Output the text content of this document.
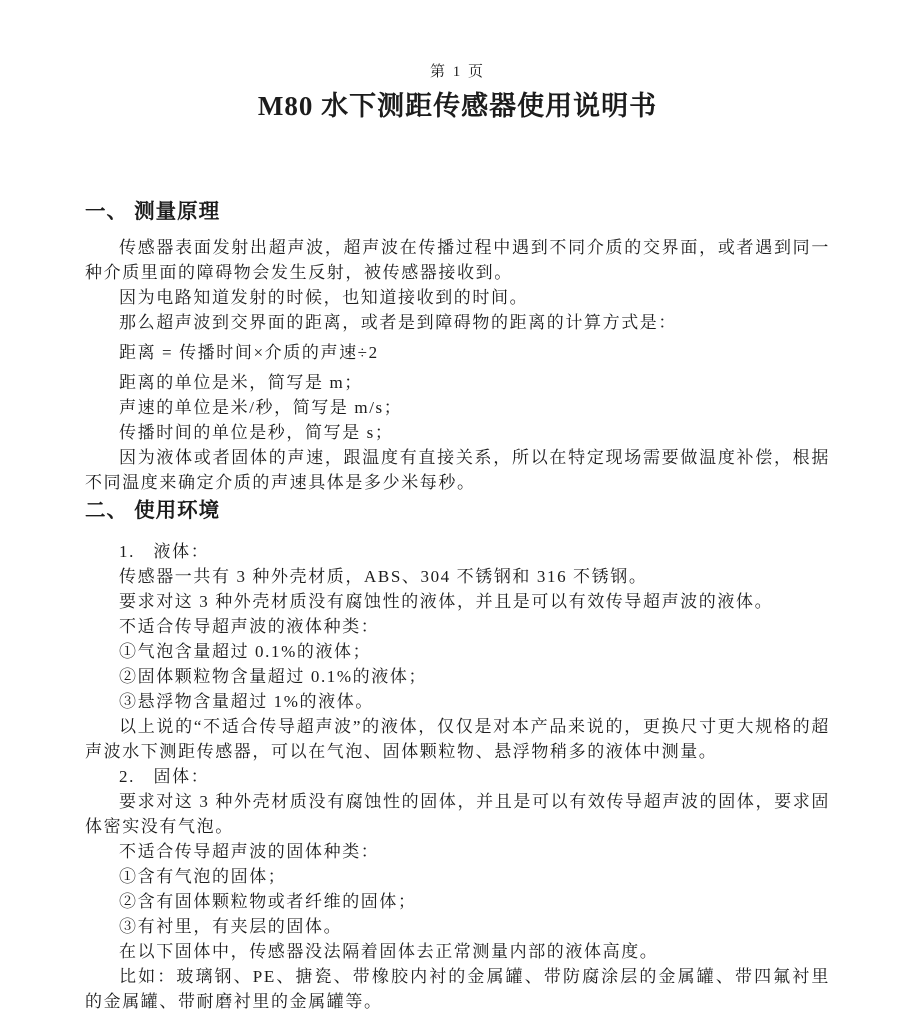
第 1 页
M80 水下测距传感器使用说明书
一、 测量原理

传感器表面发射出超声波，超声波在传播过程中遇到不同介质的交界面，或者遇到同一种介质里面的障碍物会发生反射，被传感器接收到。

因为电路知道发射的时候，也知道接收到的时间。

那么超声波到交界面的距离，或者是到障碍物的距离的计算方式是：

距离 = 传播时间×介质的声速÷2

距离的单位是米，简写是 m；

声速的单位是米/秒，简写是 m/s；

传播时间的单位是秒，简写是 s；

因为液体或者固体的声速，跟温度有直接关系，所以在特定现场需要做温度补偿，根据不同温度来确定介质的声速具体是多少米每秒。

二、 使用环境

1.　液体：

传感器一共有 3 种外壳材质，ABS、304 不锈钢和 316 不锈钢。

要求对这 3 种外壳材质没有腐蚀性的液体，并且是可以有效传导超声波的液体。

不适合传导超声波的液体种类：

①气泡含量超过 0.1%的液体；

②固体颗粒物含量超过 0.1%的液体；

③悬浮物含量超过 1%的液体。

以上说的“不适合传导超声波”的液体，仅仅是对本产品来说的，更换尺寸更大规格的超声波水下测距传感器，可以在气泡、固体颗粒物、悬浮物稍多的液体中测量。

2.　固体：

要求对这 3 种外壳材质没有腐蚀性的固体，并且是可以有效传导超声波的固体，要求固体密实没有气泡。

不适合传导超声波的固体种类：

①含有气泡的固体；

②含有固体颗粒物或者纤维的固体；

③有衬里，有夹层的固体。

在以下固体中，传感器没法隔着固体去正常测量内部的液体高度。

比如：玻璃钢、PE、搪瓷、带橡胶内衬的金属罐、带防腐涂层的金属罐、带四氟衬里的金属罐、带耐磨衬里的金属罐等。
